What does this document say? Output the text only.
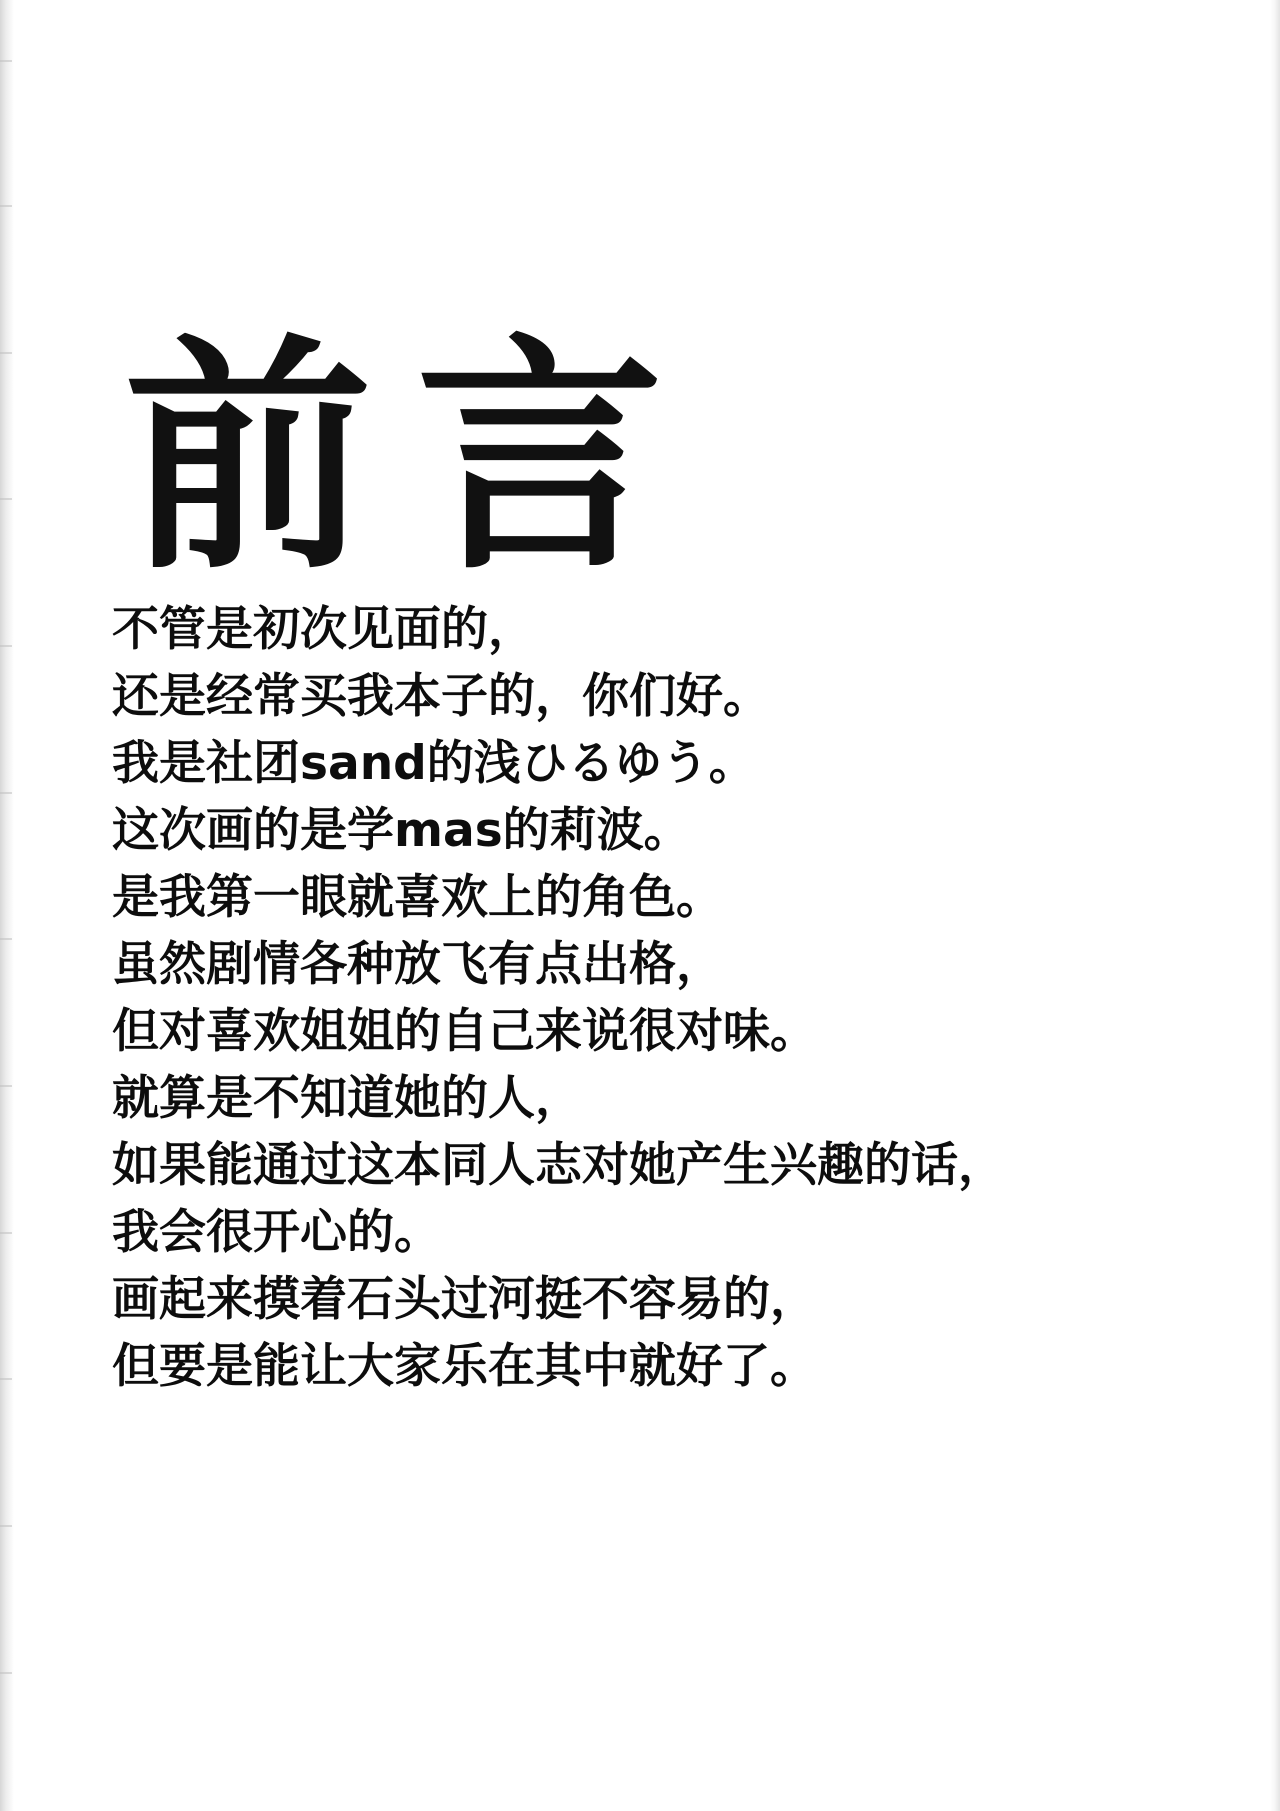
前言

不管是初次见面的，

还是经常买我本子的，你们好。

我是社团sand的浅ひるゆう。

这次画的是学mas的莉波。

是我第一眼就喜欢上的角色。

虽然剧情各种放飞有点出格，

但对喜欢姐姐的自己来说很对味。

就算是不知道她的人，

如果能通过这本同人志对她产生兴趣的话，

我会很开心的。

画起来摸着石头过河挺不容易的，

但要是能让大家乐在其中就好了。
